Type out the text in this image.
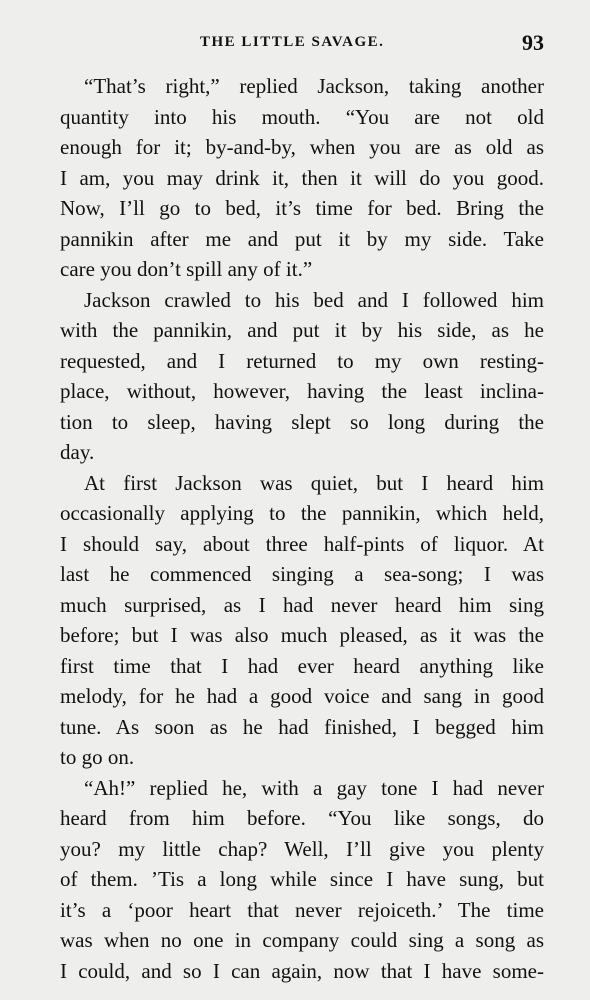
THE LITTLE SAVAGE.	93
“That’s right,” replied Jackson, taking another
quantity into his mouth. “You are not old
enough for it; by-and-by, when you are as old as
I am, you may drink it, then it will do you good.
Now, I’ll go to bed, it’s time for bed. Bring the
pannikin after me and put it by my side. Take
care you don’t spill any of it.”
Jackson crawled to his bed and I followed him
with the pannikin, and put it by his side, as he
requested, and I returned to my own resting-
place, without, however, having the least inclina-
tion to sleep, having slept so long during the
day.
At first Jackson was quiet, but I heard him
occasionally applying to the pannikin, which held,
I should say, about three half-pints of liquor. At
last he commenced singing a sea-song; I was
much surprised, as I had never heard him sing
before; but I was also much pleased, as it was the
first time that I had ever heard anything like
melody, for he had a good voice and sang in good
tune. As soon as he had finished, I begged him
to go on.
“Ah!” replied he, with a gay tone I had never
heard from him before. “You like songs, do
you? my little chap? Well, I’ll give you plenty
of them. ’Tis a long while since I have sung, but
it’s a ‘poor heart that never rejoiceth.’ The time
was when no one in company could sing a song as
I could, and so I can again, now that I have some-
